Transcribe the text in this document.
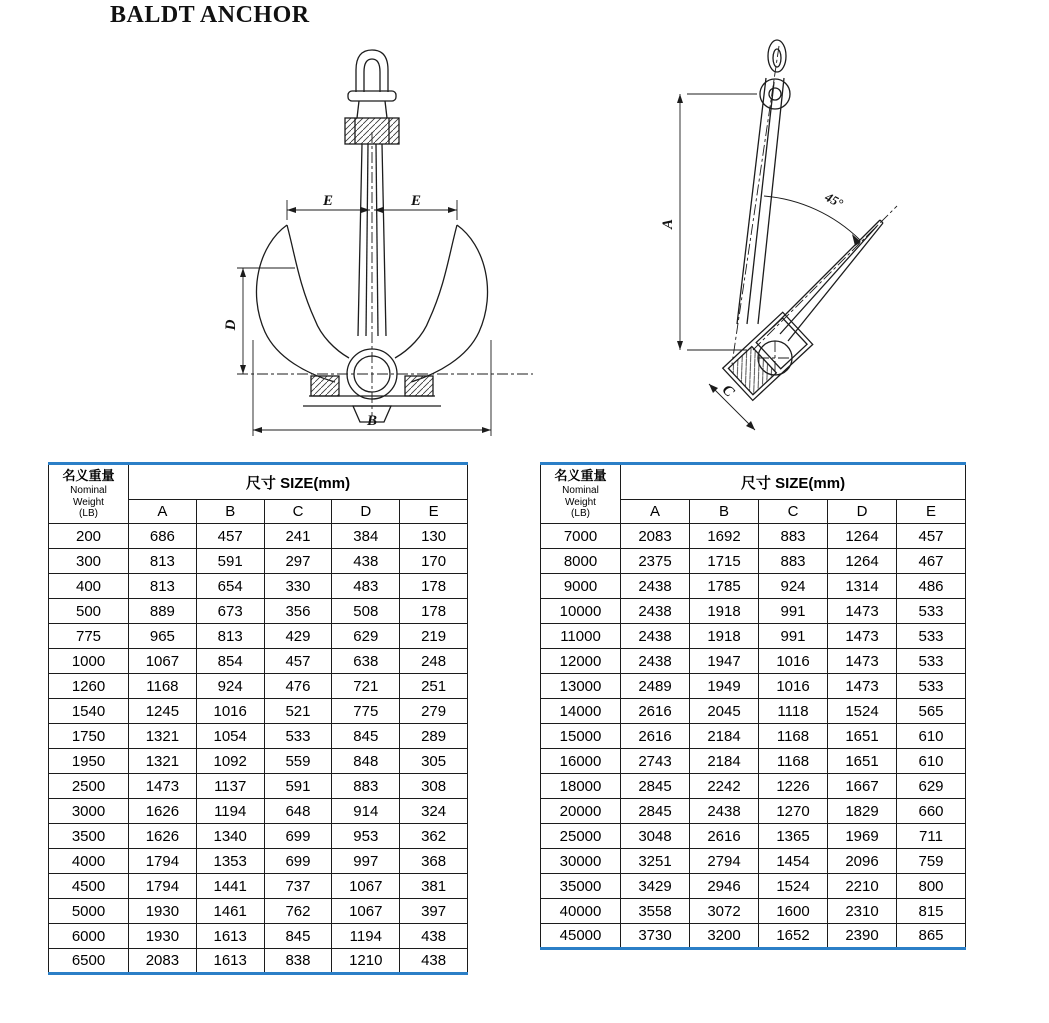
BALDT ANCHOR
E	E
D
B
A
45°
C
名义重量
Nominal
Weight
(LB)	尺寸 SIZE(mm)				
	A	B	C	D	E
200	686	457	241	384	130
300	813	591	297	438	170
400	813	654	330	483	178
500	889	673	356	508	178
775	965	813	429	629	219
1000	1067	854	457	638	248
1260	1168	924	476	721	251
1540	1245	1016	521	775	279
1750	1321	1054	533	845	289
1950	1321	1092	559	848	305
2500	1473	1137	591	883	308
3000	1626	1194	648	914	324
3500	1626	1340	699	953	362
4000	1794	1353	699	997	368
4500	1794	1441	737	1067	381
5000	1930	1461	762	1067	397
6000	1930	1613	845	1194	438
6500	2083	1613	838	1210	438
名义重量
Nominal
Weight
(LB)	尺寸 SIZE(mm)				
	A	B	C	D	E
7000	2083	1692	883	1264	457
8000	2375	1715	883	1264	467
9000	2438	1785	924	1314	486
10000	2438	1918	991	1473	533
11000	2438	1918	991	1473	533
12000	2438	1947	1016	1473	533
13000	2489	1949	1016	1473	533
14000	2616	2045	1118	1524	565
15000	2616	2184	1168	1651	610
16000	2743	2184	1168	1651	610
18000	2845	2242	1226	1667	629
20000	2845	2438	1270	1829	660
25000	3048	2616	1365	1969	711
30000	3251	2794	1454	2096	759
35000	3429	2946	1524	2210	800
40000	3558	3072	1600	2310	815
45000	3730	3200	1652	2390	865
